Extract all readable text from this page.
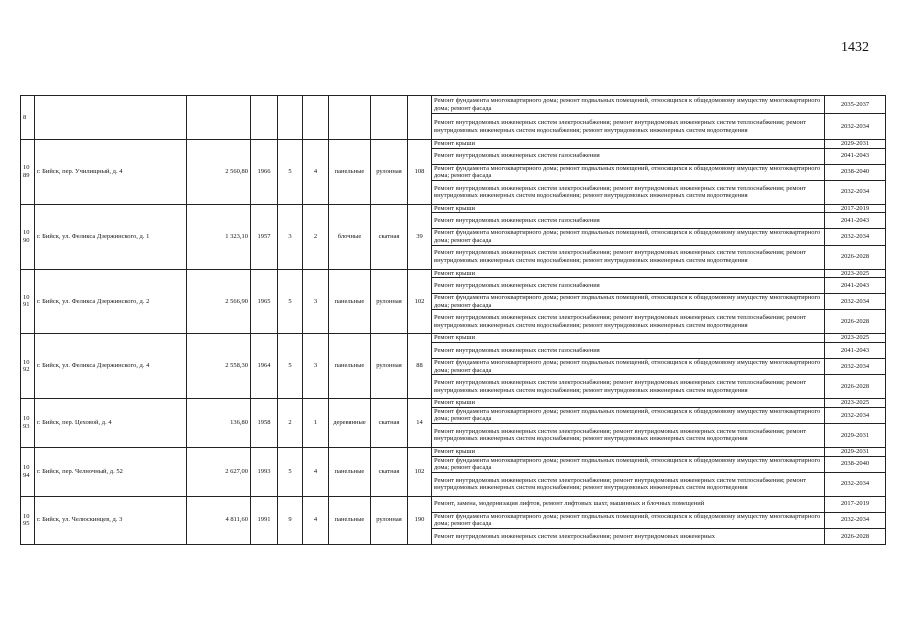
1432
8									Ремонт фундамента многоквартирного дома; ремонт подвальных помещений, относящихся к общедомовому имуществу многоквартирного дома; ремонт фасада	2035-2037
									Ремонт внутридомовых инженерных систем электроснабжения; ремонт внутридомовых инженерных систем теплоснабжения; ремонт внутридомовых инженерных систем водоснабжения; ремонт внутридомовых инженерных систем водоотведения	2032-2034
1089	г. Бийск, пер. Училищный, д. 4	2 560,80	1966	5	4	панельные	рулонная	108	Ремонт крыши	2029-2031
									Ремонт внутридомовых инженерных систем газоснабжения	2041-2043
									Ремонт фундамента многоквартирного дома; ремонт подвальных помещений, относящихся к общедомовому имуществу многоквартирного дома; ремонт фасада	2038-2040
									Ремонт внутридомовых инженерных систем электроснабжения; ремонт внутридомовых инженерных систем теплоснабжения; ремонт внутридомовых инженерных систем водоснабжения; ремонт внутридомовых инженерных систем водоотведения	2032-2034
1090	г. Бийск, ул. Феликса Дзержинского, д. 1	1 323,10	1957	3	2	блочные	скатная	39	Ремонт крыши	2017-2019
									Ремонт внутридомовых инженерных систем газоснабжения	2041-2043
									Ремонт фундамента многоквартирного дома; ремонт подвальных помещений, относящихся к общедомовому имуществу многоквартирного дома; ремонт фасада	2032-2034
									Ремонт внутридомовых инженерных систем электроснабжения; ремонт внутридомовых инженерных систем теплоснабжения; ремонт внутридомовых инженерных систем водоснабжения; ремонт внутридомовых инженерных систем водоотведения	2026-2028
1091	г. Бийск, ул. Феликса Дзержинского, д. 2	2 566,90	1965	5	3	панельные	рулонная	102	Ремонт крыши	2023-2025
									Ремонт внутридомовых инженерных систем газоснабжения	2041-2043
									Ремонт фундамента многоквартирного дома; ремонт подвальных помещений, относящихся к общедомовому имуществу многоквартирного дома; ремонт фасада	2032-2034
									Ремонт внутридомовых инженерных систем электроснабжения; ремонт внутридомовых инженерных систем теплоснабжения; ремонт внутридомовых инженерных систем водоснабжения; ремонт внутридомовых инженерных систем водоотведения	2026-2028
1092	г. Бийск, ул. Феликса Дзержинского, д. 4	2 558,30	1964	5	3	панельные	рулонная	88	Ремонт крыши	2023-2025
									Ремонт внутридомовых инженерных систем газоснабжения	2041-2043
									Ремонт фундамента многоквартирного дома; ремонт подвальных помещений, относящихся к общедомовому имуществу многоквартирного дома; ремонт фасада	2032-2034
									Ремонт внутридомовых инженерных систем электроснабжения; ремонт внутридомовых инженерных систем теплоснабжения; ремонт внутридомовых инженерных систем водоснабжения; ремонт внутридомовых инженерных систем водоотведения	2026-2028
1093	г. Бийск, пер. Цеховой, д. 4	136,80	1958	2	1	деревянные	скатная	14	Ремонт крыши	2023-2025
									Ремонт фундамента многоквартирного дома; ремонт подвальных помещений, относящихся к общедомовому имуществу многоквартирного дома; ремонт фасада	2032-2034
									Ремонт внутридомовых инженерных систем электроснабжения; ремонт внутридомовых инженерных систем теплоснабжения; ремонт внутридомовых инженерных систем водоснабжения; ремонт внутридомовых инженерных систем водоотведения	2029-2031
1094	г. Бийск, пер. Челночный, д. 52	2 627,00	1993	5	4	панельные	скатная	102	Ремонт крыши	2029-2031
									Ремонт фундамента многоквартирного дома; ремонт подвальных помещений, относящихся к общедомовому имуществу многоквартирного дома; ремонт фасада	2038-2040
									Ремонт внутридомовых инженерных систем электроснабжения; ремонт внутридомовых инженерных систем теплоснабжения; ремонт внутридомовых инженерных систем водоснабжения; ремонт внутридомовых инженерных систем водоотведения	2032-2034
1095	г. Бийск, ул. Челюскинцев, д. 3	4 811,60	1991	9	4	панельные	рулонная	190	Ремонт, замена, модернизация лифтов, ремонт лифтовых шахт, машинных и блочных помещений	2017-2019
									Ремонт фундамента многоквартирного дома; ремонт подвальных помещений, относящихся к общедомовому имуществу многоквартирного дома; ремонт фасада	2032-2034
									Ремонт внутридомовых инженерных систем электроснабжения; ремонт внутридомовых инженерных	2026-2028
